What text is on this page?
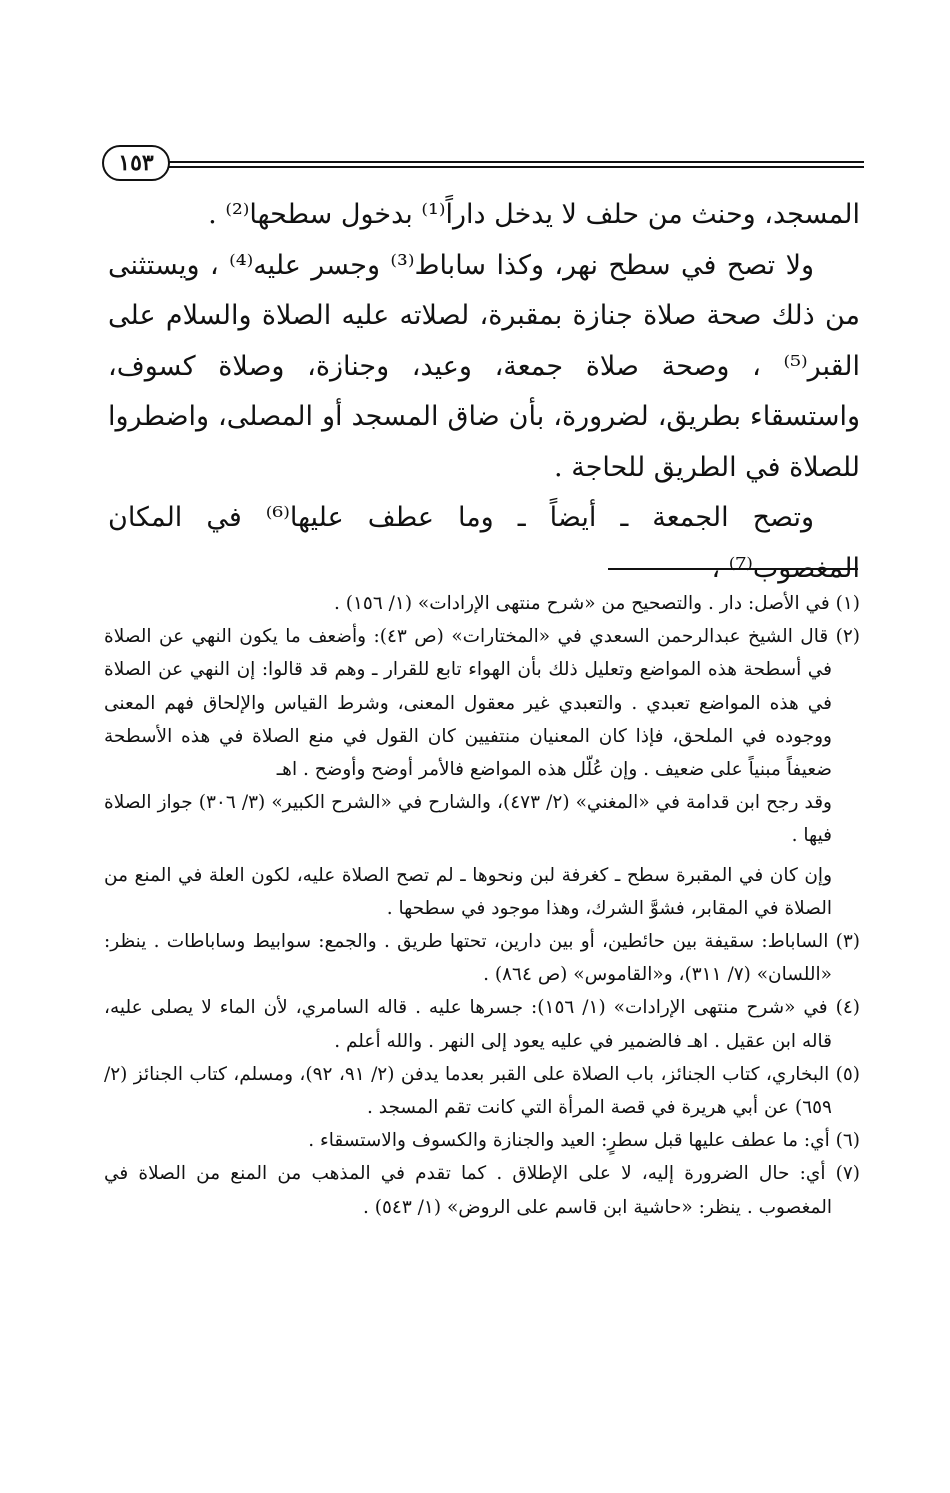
١٥٣

المسجد، وحنث من حلف لا يدخل داراً⁽¹⁾ بدخول سطحها⁽²⁾ .

ولا تصح في سطح نهر، وكذا ساباط⁽³⁾ وجسر عليه⁽⁴⁾ ، ويستثنى من ذلك صحة صلاة جنازة بمقبرة، لصلاته عليه الصلاة والسلام على القبر⁽⁵⁾ ، وصحة صلاة جمعة، وعيد، وجنازة، وصلاة كسوف، واستسقاء بطريق، لضرورة، بأن ضاق المسجد أو المصلى، واضطروا للصلاة في الطريق للحاجة .

وتصح الجمعة ـ أيضاً ـ وما عطف عليها⁽⁶⁾ في المكان المغصوب⁽⁷⁾ ،

(١) في الأصل: دار . والتصحيح من «شرح منتهى الإرادات» (١/ ١٥٦) .

(٢) قال الشيخ عبدالرحمن السعدي في «المختارات» (ص ٤٣): وأضعف ما يكون النهي عن الصلاة في أسطحة هذه المواضع وتعليل ذلك بأن الهواء تابع للقرار ـ وهم قد قالوا: إن النهي عن الصلاة في هذه المواضع تعبدي . والتعبدي غير معقول المعنى، وشرط القياس والإلحاق فهم المعنى ووجوده في الملحق، فإذا كان المعنيان منتفيين كان القول في منع الصلاة في هذه الأسطحة ضعيفاً مبنياً على ضعيف . وإن عُلّل هذه المواضع فالأمر أوضح وأوضح . اهـ

وقد رجح ابن قدامة في «المغني» (٢/ ٤٧٣)، والشارح في «الشرح الكبير» (٣/ ٣٠٦) جواز الصلاة فيها .

وإن كان في المقبرة سطح ـ كغرفة لبن ونحوها ـ لم تصح الصلاة عليه، لكون العلة في المنع من الصلاة في المقابر، فشوَّ الشرك، وهذا موجود في سطحها .

(٣) الساباط: سقيفة بين حائطين، أو بين دارين، تحتها طريق . والجمع: سوابيط وساباطات . ينظر: «اللسان» (٧/ ٣١١)، و«القاموس» (ص ٨٦٤) .

(٤) في «شرح منتهى الإرادات» (١/ ١٥٦): جسرها عليه . قاله السامري، لأن الماء لا يصلى عليه، قاله ابن عقيل . اهـ فالضمير في عليه يعود إلى النهر . والله أعلم .

(٥) البخاري، كتاب الجنائز، باب الصلاة على القبر بعدما يدفن (٢/ ٩١، ٩٢)، ومسلم، كتاب الجنائز (٢/ ٦٥٩) عن أبي هريرة في قصة المرأة التي كانت تقم المسجد .

(٦) أي: ما عطف عليها قبل سطرٍ: العيد والجنازة والكسوف والاستسقاء .

(٧) أي: حال الضرورة إليه، لا على الإطلاق . كما تقدم في المذهب من المنع من الصلاة في المغصوب . ينظر: «حاشية ابن قاسم على الروض» (١/ ٥٤٣) .
